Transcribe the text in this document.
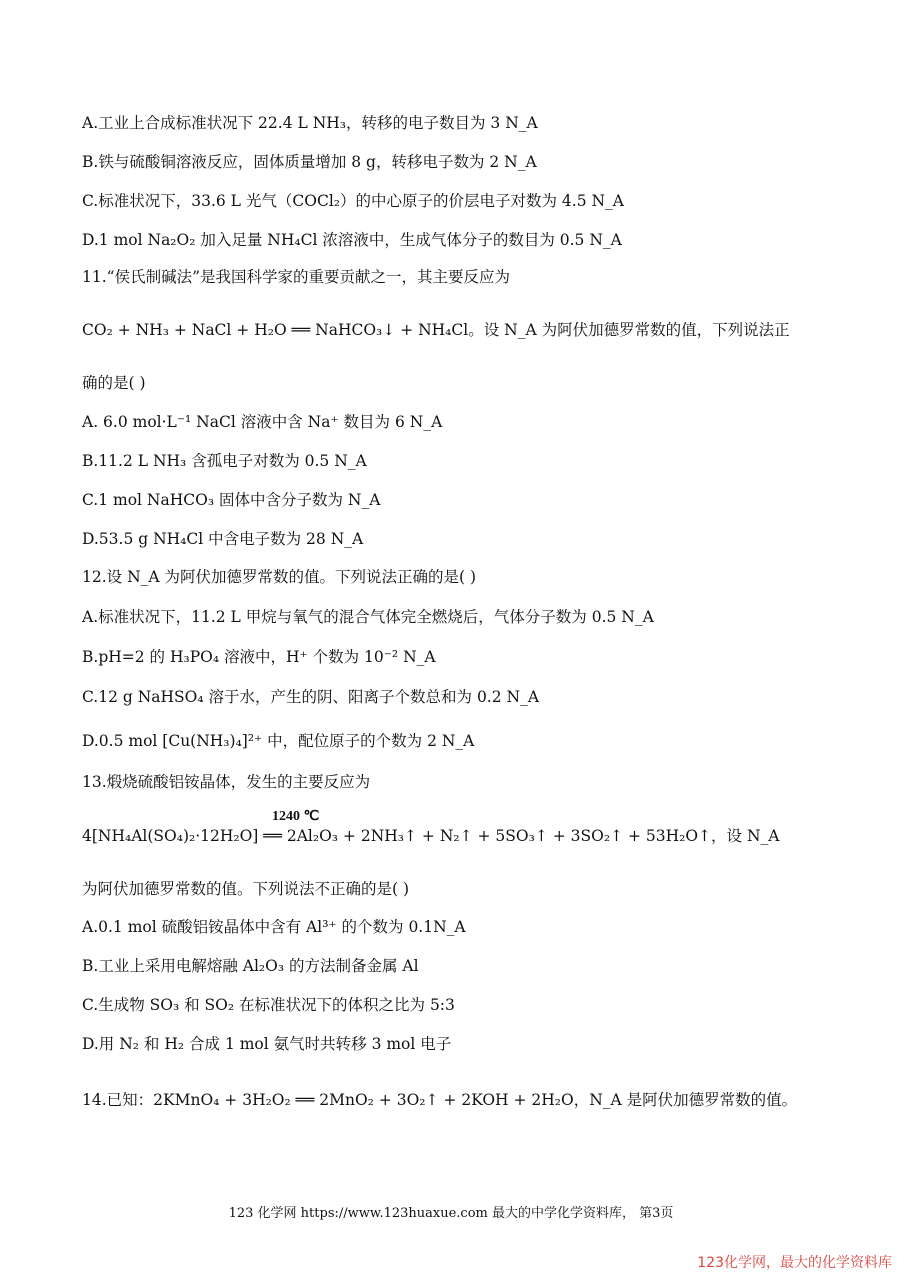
A.工业上合成标准状况下 22.4 L NH₃，转移的电子数目为 3 N_A
B.铁与硫酸铜溶液反应，固体质量增加 8 g，转移电子数为 2 N_A
C.标准状况下，33.6 L 光气（COCl₂）的中心原子的价层电子对数为 4.5 N_A
D.1 mol Na₂O₂ 加入足量 NH₄Cl 浓溶液中，生成气体分子的数目为 0.5 N_A
11.“侯氏制碱法”是我国科学家的重要贡献之一，其主要反应为
CO₂ + NH₃ + NaCl + H₂O ══ NaHCO₃↓ + NH₄Cl。设 N_A 为阿伏加德罗常数的值，下列说法正
确的是( )
A. 6.0 mol·L⁻¹ NaCl 溶液中含 Na⁺ 数目为 6 N_A
B.11.2 L NH₃ 含孤电子对数为 0.5 N_A
C.1 mol NaHCO₃ 固体中含分子数为 N_A
D.53.5 g NH₄Cl 中含电子数为 28 N_A
12.设 N_A 为阿伏加德罗常数的值。下列说法正确的是( )
A.标准状况下，11.2 L 甲烷与氧气的混合气体完全燃烧后，气体分子数为 0.5 N_A
B.pH=2 的 H₃PO₄ 溶液中，H⁺ 个数为 10⁻² N_A
C.12 g NaHSO₄ 溶于水，产生的阴、阳离子个数总和为 0.2 N_A
D.0.5 mol [Cu(NH₃)₄]²⁺ 中，配位原子的个数为 2 N_A
13.煅烧硫酸铝铵晶体，发生的主要反应为
1240 ℃
4[NH₄Al(SO₄)₂·12H₂O] ══ 2Al₂O₃ + 2NH₃↑ + N₂↑ + 5SO₃↑ + 3SO₂↑ + 53H₂O↑，设 N_A
为阿伏加德罗常数的值。下列说法不正确的是( )
A.0.1 mol 硫酸铝铵晶体中含有 Al³⁺ 的个数为 0.1N_A
B.工业上采用电解熔融 Al₂O₃ 的方法制备金属 Al
C.生成物 SO₃ 和 SO₂ 在标准状况下的体积之比为 5:3
D.用 N₂ 和 H₂ 合成 1 mol 氨气时共转移 3 mol 电子
14.已知：2KMnO₄ + 3H₂O₂ ══ 2MnO₂ + 3O₂↑ + 2KOH + 2H₂O，N_A 是阿伏加德罗常数的值。
123 化学网 https://www.123huaxue.com 最大的中学化学资料库， 第3页
123化学网，最大的化学资料库
